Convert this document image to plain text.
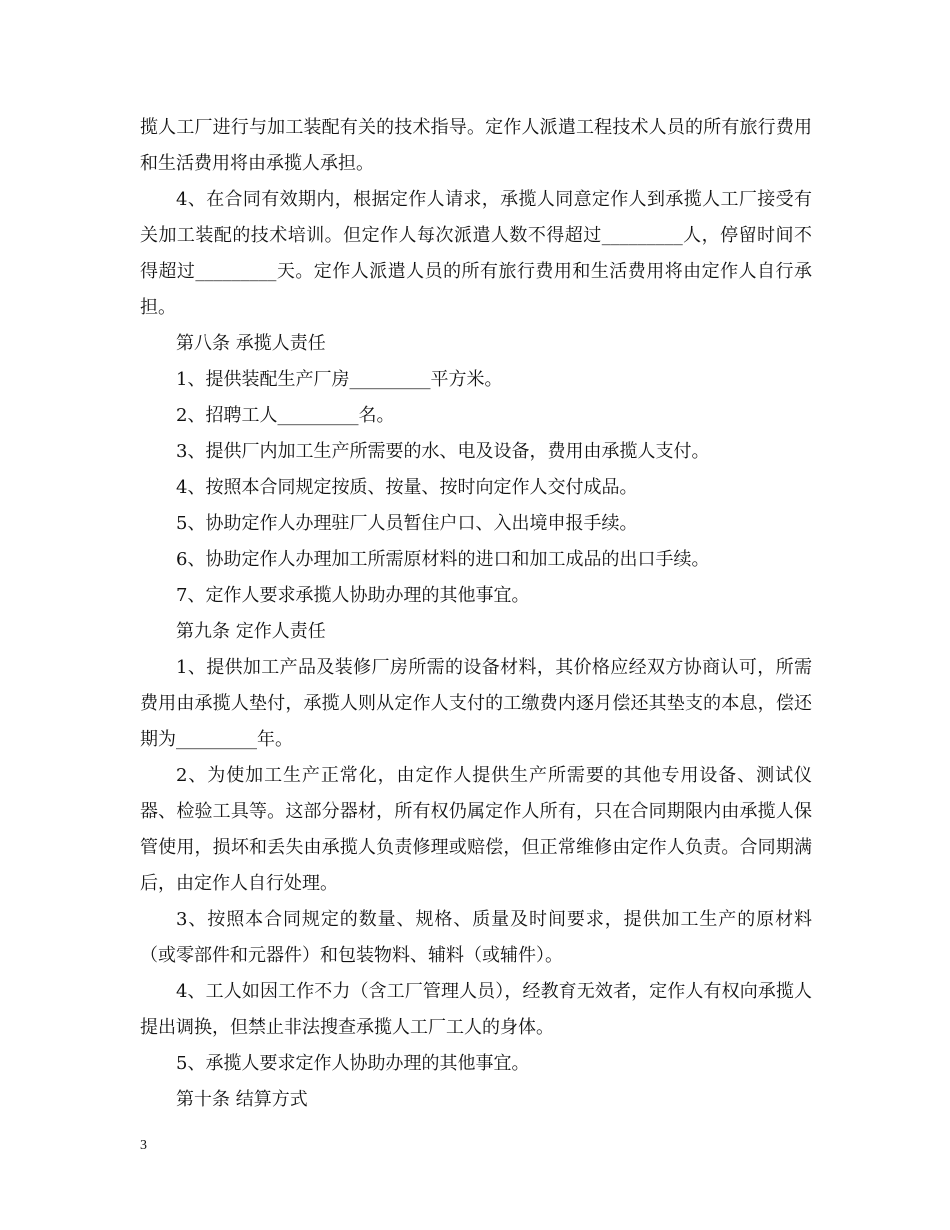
揽人工厂进行与加工装配有关的技术指导。定作人派遣工程技术人员的所有旅行费用和生活费用将由承揽人承担。

4、在合同有效期内，根据定作人请求，承揽人同意定作人到承揽人工厂接受有关加工装配的技术培训。但定作人每次派遣人数不得超过_________人，停留时间不得超过_________天。定作人派遣人员的所有旅行费用和生活费用将由定作人自行承担。

第八条 承揽人责任

1、提供装配生产厂房_________平方米。

2、招聘工人_________名。

3、提供厂内加工生产所需要的水、电及设备，费用由承揽人支付。

4、按照本合同规定按质、按量、按时向定作人交付成品。

5、协助定作人办理驻厂人员暂住户口、入出境申报手续。

6、协助定作人办理加工所需原材料的进口和加工成品的出口手续。

7、定作人要求承揽人协助办理的其他事宜。

第九条 定作人责任

1、提供加工产品及装修厂房所需的设备材料，其价格应经双方协商认可，所需费用由承揽人垫付，承揽人则从定作人支付的工缴费内逐月偿还其垫支的本息，偿还期为_________年。

2、为使加工生产正常化，由定作人提供生产所需要的其他专用设备、测试仪器、检验工具等。这部分器材，所有权仍属定作人所有，只在合同期限内由承揽人保管使用，损坏和丢失由承揽人负责修理或赔偿，但正常维修由定作人负责。合同期满后，由定作人自行处理。

3、按照本合同规定的数量、规格、质量及时间要求，提供加工生产的原材料（或零部件和元器件）和包装物料、辅料（或辅件）。

4、工人如因工作不力（含工厂管理人员），经教育无效者，定作人有权向承揽人提出调换，但禁止非法搜查承揽人工厂工人的身体。

5、承揽人要求定作人协助办理的其他事宜。

第十条 结算方式

3
